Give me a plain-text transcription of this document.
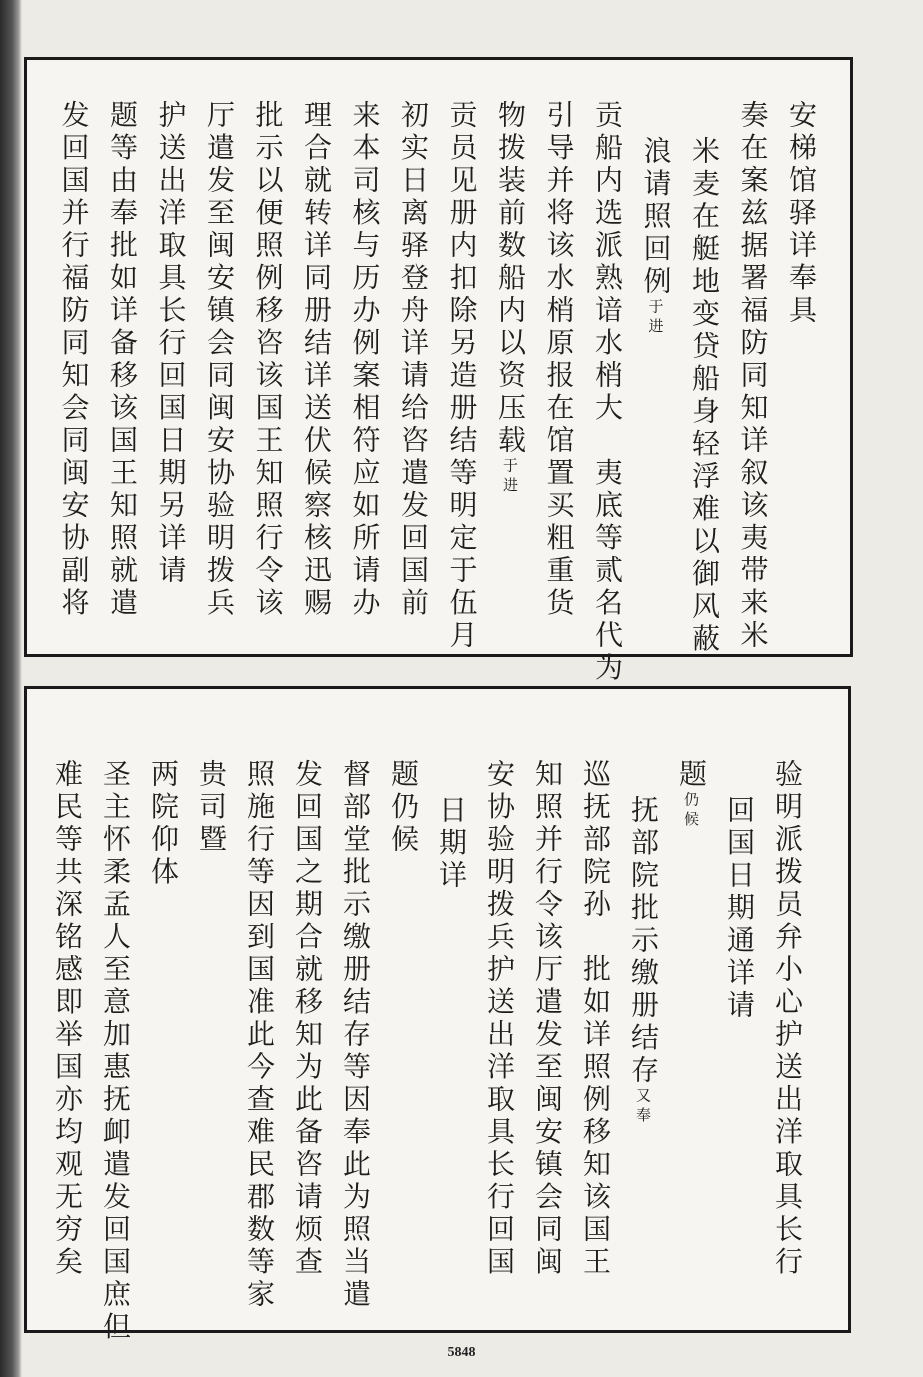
安梯馆驿详奉具
奏在案兹据署福防同知详叙该夷带来米
米麦在艇地变贷船身轻浮难以御风蔽
浪请照回例于进
贡船内选派熟谙水梢大　夷底等贰名代为
引导并将该水梢原报在馆置买粗重货
物拨装前数船内以资压载于进
贡员见册内扣除另造册结等明定于伍月
初实日离驿登舟详请给咨遣发回国前
来本司核与历办例案相符应如所请办
理合就转详同册结详送伏候察核迅赐
批示以便照例移咨该国王知照行令该
厅遣发至闽安镇会同闽安协验明拨兵
护送出洋取具长行回国日期另详请
题等由奉批如详备移该国王知照就遣
发回国并行福防同知会同闽安协副将
验明派拨员弁小心护送出洋取具长行
回国日期通详请
题仍候
抚部院批示缴册结存又奉
巡抚部院孙　批如详照例移知该国王
知照并行令该厅遣发至闽安镇会同闽
安协验明拨兵护送出洋取具长行回国
日期详
题仍候
督部堂批示缴册结存等因奉此为照当遣
发回国之期合就移知为此备咨请烦查
照施行等因到国准此今查难民郡数等家
贵司暨
两院仰体
圣主怀柔孟人至意加惠抚卹遣发回国庶但
难民等共深铭感即举国亦均观无穷矣
5848
